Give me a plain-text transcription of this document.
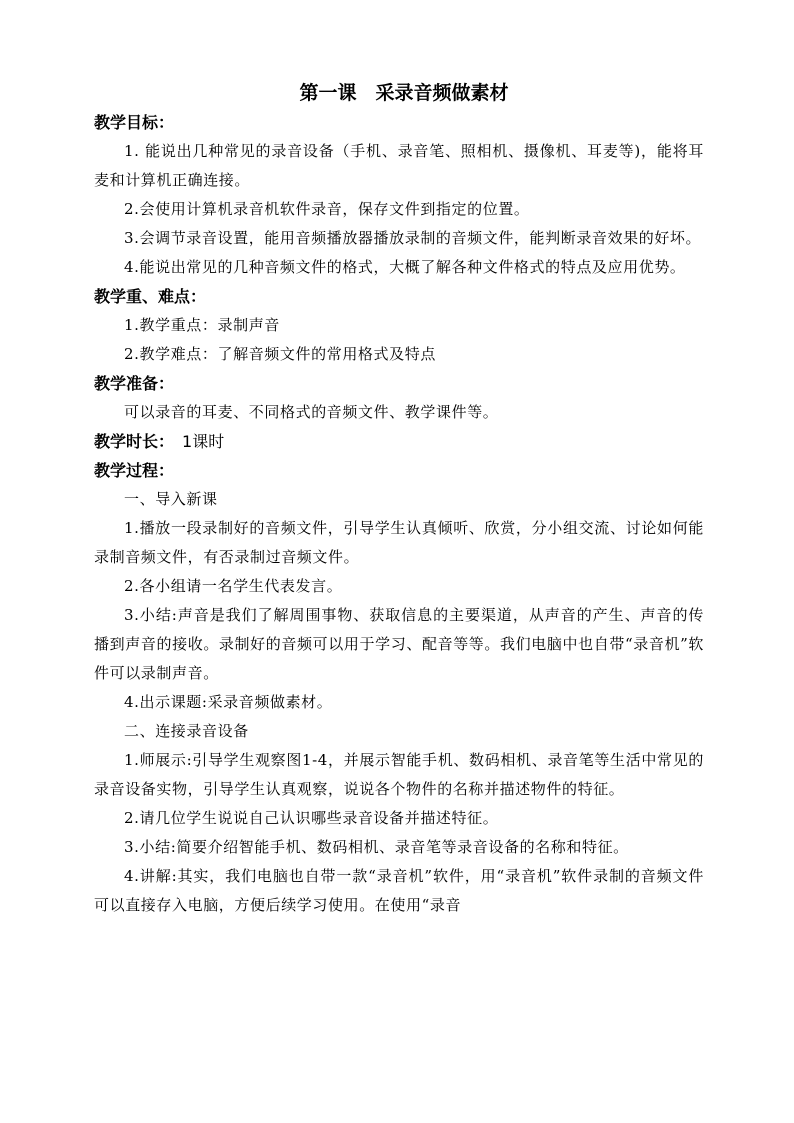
第一课　采录音频做素材
教学目标：
1. 能说出几种常见的录音设备（手机、录音笔、照相机、摄像机、耳麦等)，能将耳麦和计算机正确连接。
2.会使用计算机录音机软件录音，保存文件到指定的位置。
3.会调节录音设置，能用音频播放器播放录制的音频文件，能判断录音效果的好坏。
4.能说出常见的几种音频文件的格式，大概了解各种文件格式的特点及应用优势。
教学重、难点：
1.教学重点：录制声音
2.教学难点：了解音频文件的常用格式及特点
教学准备：
可以录音的耳麦、不同格式的音频文件、教学课件等。
教学时长： 1课时
教学过程：
一、导入新课
1.播放一段录制好的音频文件，引导学生认真倾听、欣赏，分小组交流、讨论如何能录制音频文件，有否录制过音频文件。
2.各小组请一名学生代表发言。
3.小结:声音是我们了解周围事物、获取信息的主要渠道，从声音的产生、声音的传播到声音的接收。录制好的音频可以用于学习、配音等等。我们电脑中也自带“录音机”软件可以录制声音。
4.出示课题:采录音频做素材。
二、连接录音设备
1.师展示:引导学生观察图1-4，并展示智能手机、数码相机、录音笔等生活中常见的录音设备实物，引导学生认真观察，说说各个物件的名称并描述物件的特征。
2.请几位学生说说自己认识哪些录音设备并描述特征。
3.小结:简要介绍智能手机、数码相机、录音笔等录音设备的名称和特征。
4.讲解:其实，我们电脑也自带一款“录音机”软件，用“录音机”软件录制的音频文件可以直接存入电脑，方便后续学习使用。在使用“录音
